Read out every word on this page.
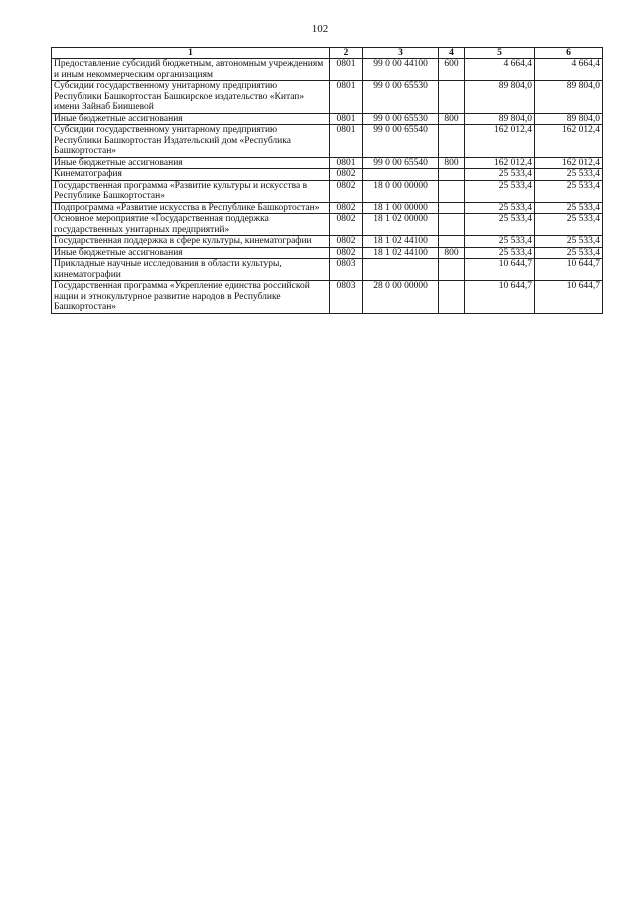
102
1	2	3	4	5	6
Предоставление субсидий бюджетным, автономным учреждениям и иным некоммерческим организациям	0801	99 0 00 44100	600	4 664,4	4 664,4
Субсидии государственному унитарному предприятию Республики Башкортостан Башкирское издательство «Китап» имени Зайнаб Биишевой	0801	99 0 00 65530		89 804,0	89 804,0
Иные бюджетные ассигнования	0801	99 0 00 65530	800	89 804,0	89 804,0
Субсидии государственному унитарному предприятию Республики Башкортостан Издательский дом «Республика Башкортостан»	0801	99 0 00 65540		162 012,4	162 012,4
Иные бюджетные ассигнования	0801	99 0 00 65540	800	162 012,4	162 012,4
Кинематография	0802			25 533,4	25 533,4
Государственная программа «Развитие культуры и искусства в Республике Башкортостан»	0802	18 0 00 00000		25 533,4	25 533,4
Подпрограмма «Развитие искусства в Республике Башкортостан»	0802	18 1 00 00000		25 533,4	25 533,4
Основное мероприятие «Государственная поддержка государственных унитарных предприятий»	0802	18 1 02 00000		25 533,4	25 533,4
Государственная поддержка в сфере культуры, кинематографии	0802	18 1 02 44100		25 533,4	25 533,4
Иные бюджетные ассигнования	0802	18 1 02 44100	800	25 533,4	25 533,4
Прикладные научные исследования в области культуры, кинематографии	0803			10 644,7	10 644,7
Государственная программа «Укрепление единства российской нации и этнокультурное развитие народов в Республике Башкортостан»	0803	28 0 00 00000		10 644,7	10 644,7
